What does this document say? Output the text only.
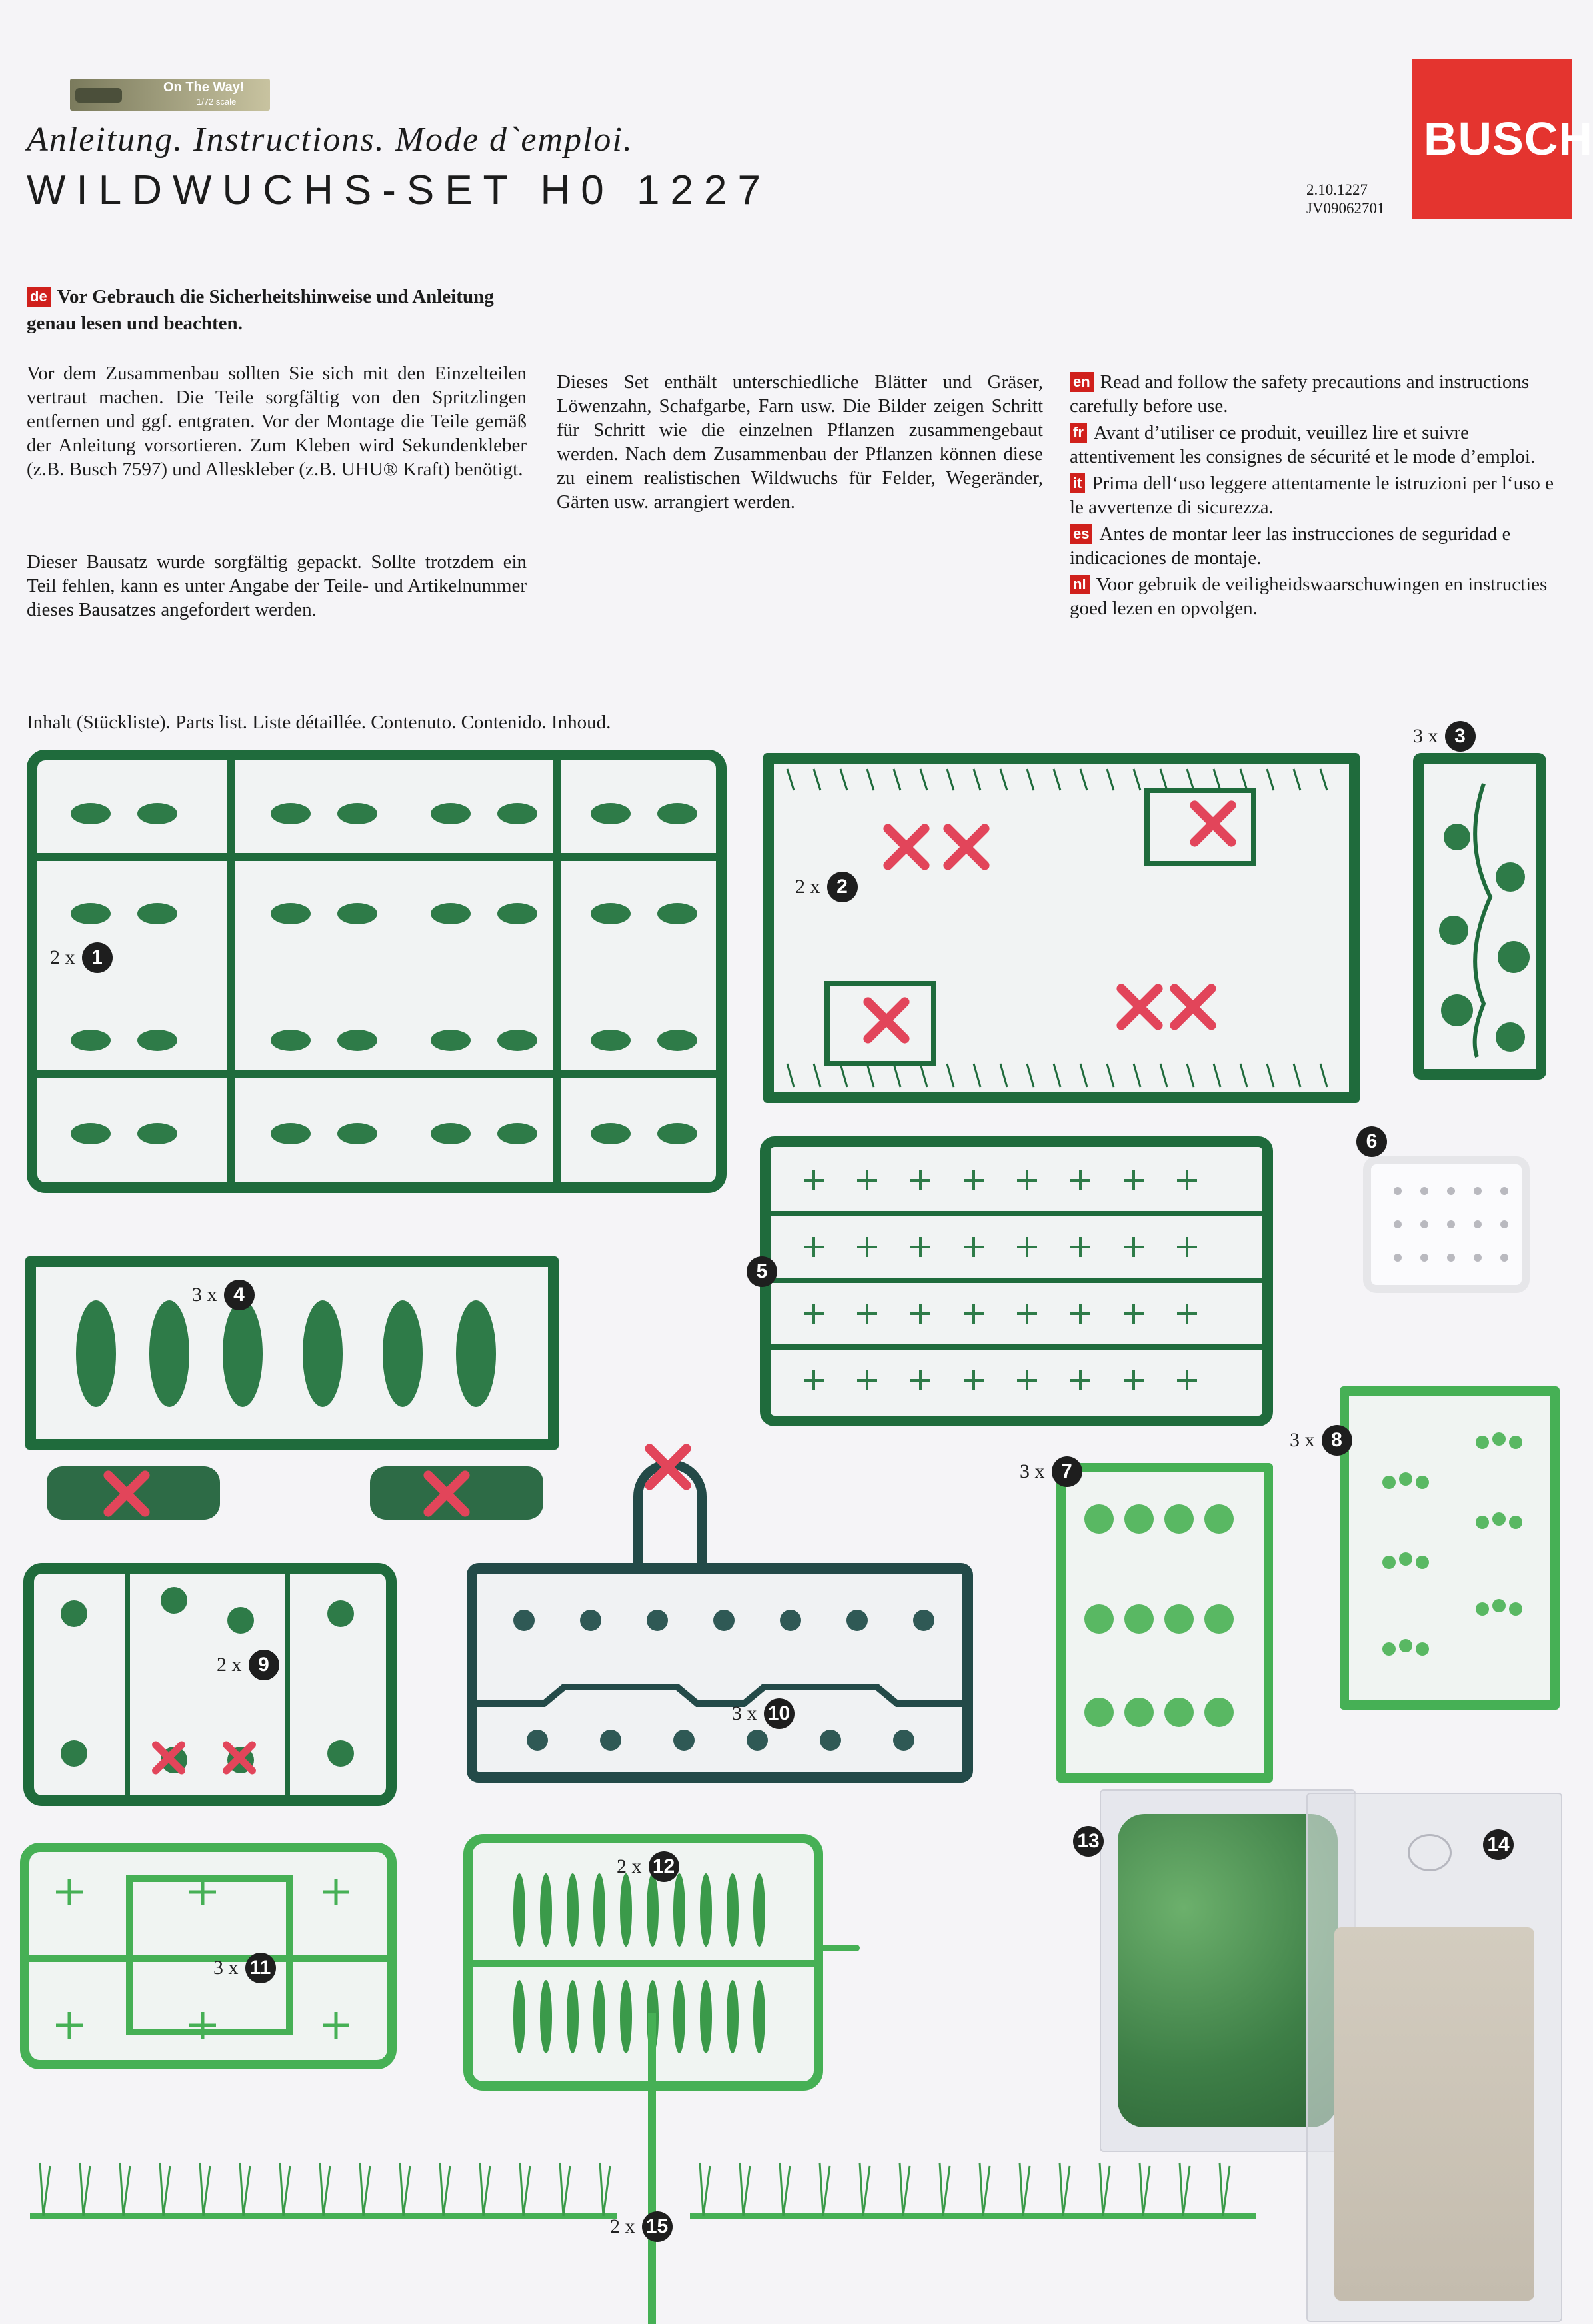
On The Way!
1/72 scale
Anleitung. Instructions. Mode d`emploi.
WILDWUCHS-SET H0 1227
BUSCH
2.10.1227
JV09062701
de Vor Gebrauch die Sicherheitshinweise und Anleitung genau lesen und beachten.
Vor dem Zusammenbau sollten Sie sich mit den Einzelteilen vertraut machen. Die Teile sorgfältig von den Spritzlingen entfernen und ggf. entgraten. Vor der Montage die Teile gemäß der Anleitung vorsortieren. Zum Kleben wird Sekundenkleber (z.B. Busch 7597) und Alleskleber (z.B. UHU® Kraft) benötigt.
Dieser Bausatz wurde sorgfältig gepackt. Sollte trotzdem ein Teil fehlen, kann es unter Angabe der Teile- und Artikelnummer dieses Bausatzes angefordert werden.
Dieses Set enthält unterschiedliche Blätter und Gräser, Löwenzahn, Schafgarbe, Farn usw. Die Bilder zeigen Schritt für Schritt wie die einzelnen Pflanzen zusammengebaut werden. Nach dem Zusammenbau der Pflanzen können diese zu einem realistischen Wildwuchs für Felder, Wegeränder, Gärten usw. arrangiert werden.
en Read and follow the safety precautions and instructions carefully before use.
fr Avant d’utiliser ce produit, veuillez lire et suivre attentivement les consignes de sécurité et le mode d’emploi.
it Prima dell‘uso leggere attentamente le istruzioni per l‘uso e le avvertenze di sicurezza.
es Antes de montar leer las instrucciones de seguridad e indicaciones de montaje.
nl Voor gebruik de veiligheidswaarschuwingen en instructies goed lezen en opvolgen.
Inhalt (Stückliste). Parts list. Liste détaillée. Contenuto. Contenido. Inhoud.
2 x 1
2 x 2
3 x 3
3 x 4
5
6
3 x 7
3 x 8
2 x 9
3 x 10
3 x 11
2 x 12
13	14
2 x 15
